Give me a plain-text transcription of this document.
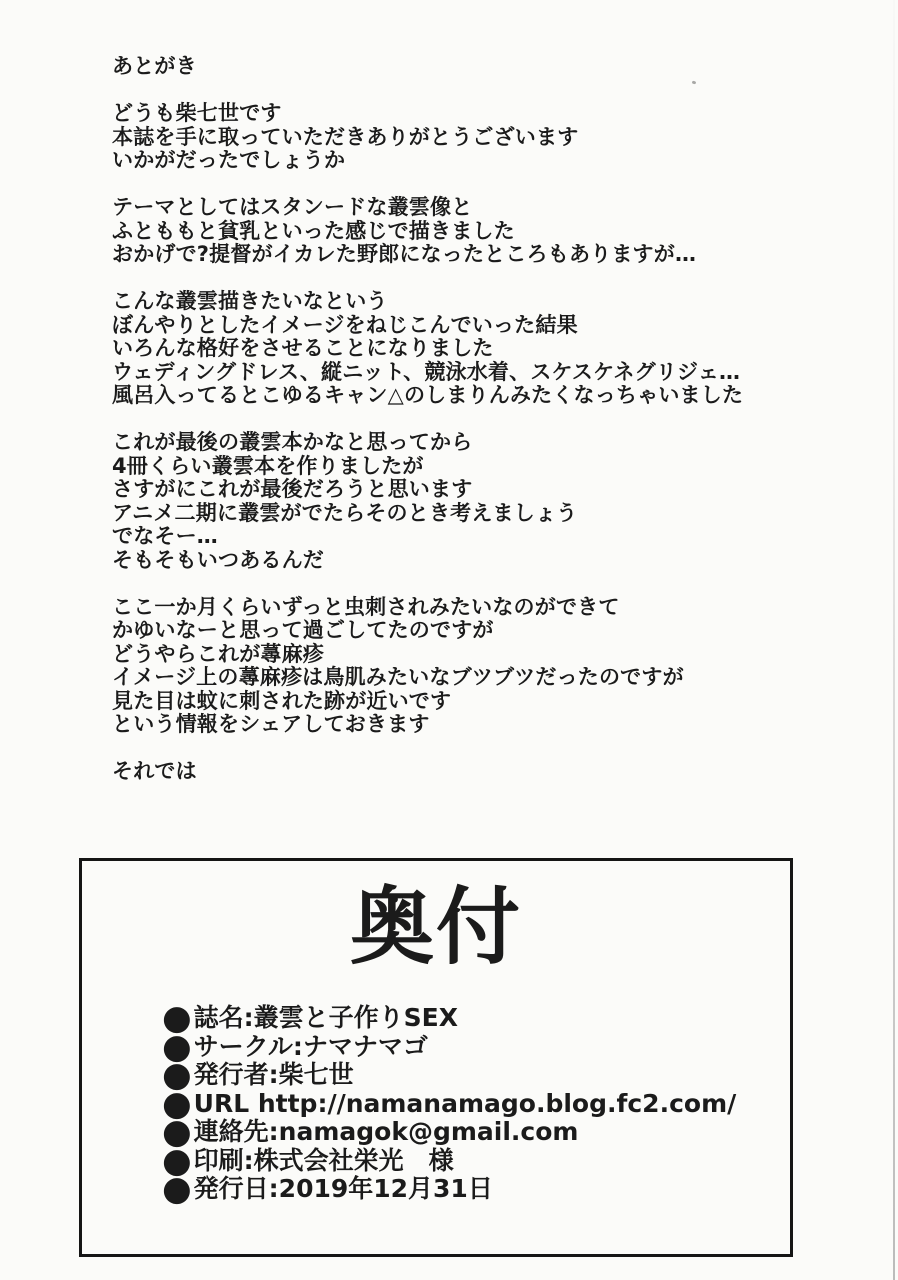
あとがき
どうも柴七世です
本誌を手に取っていただきありがとうございます
いかがだったでしょうか
テーマとしてはスタンードな叢雲像と
ふとももと貧乳といった感じで描きました
おかげで?提督がイカレた野郎になったところもありますが…
こんな叢雲描きたいなという
ぼんやりとしたイメージをねじこんでいった結果
いろんな格好をさせることになりました
ウェディングドレス、縦ニット、競泳水着、スケスケネグリジェ…
風呂入ってるとこゆるキャン△のしまりんみたくなっちゃいました
これが最後の叢雲本かなと思ってから
4冊くらい叢雲本を作りましたが
さすがにこれが最後だろうと思います
アニメ二期に叢雲がでたらそのとき考えましょう
でなそー…
そもそもいつあるんだ
ここ一か月くらいずっと虫刺されみたいなのができて
かゆいなーと思って過ごしてたのですが
どうやらこれが蕁麻疹
イメージ上の蕁麻疹は鳥肌みたいなブツブツだったのですが
見た目は蚊に刺された跡が近いです
という情報をシェアしておきます
それでは
奥付
●誌名:叢雲と子作りSEX
●サークル:ナマナマゴ
●発行者:柴七世
●URL http://namanamago.blog.fc2.com/
●連絡先:namagok@gmail.com
●印刷:株式会社栄光　様
●発行日:2019年12月31日
